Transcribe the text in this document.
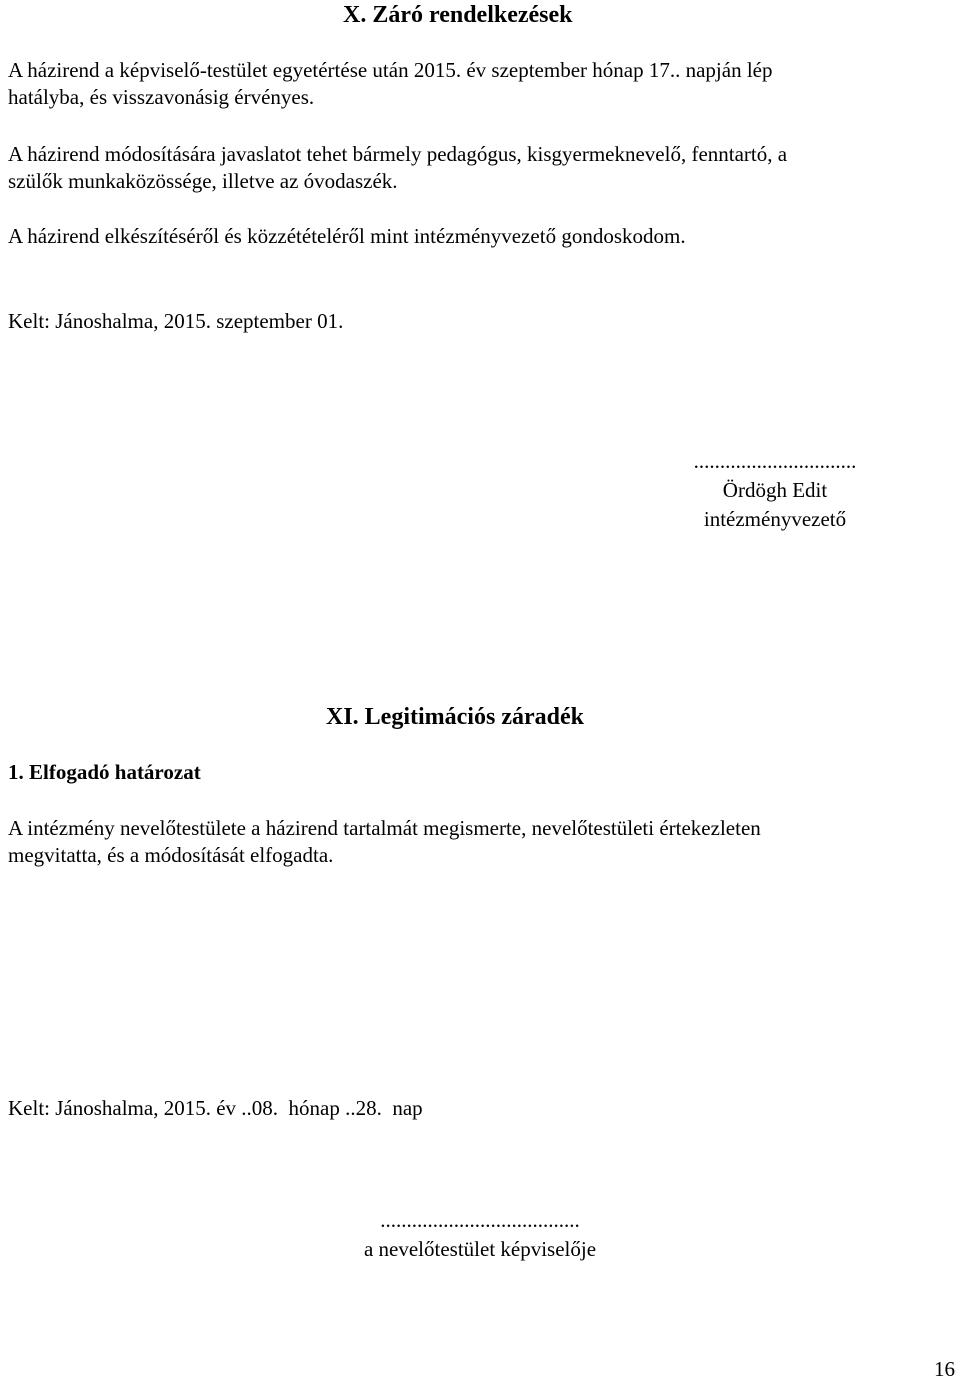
X. Záró rendelkezések

A házirend a képviselő-testület egyetértése után 2015. év szeptember hónap 17.. napján lép

hatályba, és visszavonásig érvényes.

A házirend módosítására javaslatot tehet bármely pedagógus, kisgyermeknevelő, fenntartó, a

szülők munkaközössége, illetve az óvodaszék.

A házirend elkészítéséről és közzétételéről mint intézményvezető gondoskodom.

Kelt: Jánoshalma, 2015. szeptember 01.

...............................
Ördögh Edit
intézményvezető
XI. Legitimációs záradék
1. Elfogadó határozat

A intézmény nevelőtestülete a házirend tartalmát megismerte, nevelőtestületi értekezleten

megvitatta, és a módosítását elfogadta.

Kelt: Jánoshalma, 2015. év ..08.  hónap ..28.  nap

......................................
a nevelőtestület képviselője
16
